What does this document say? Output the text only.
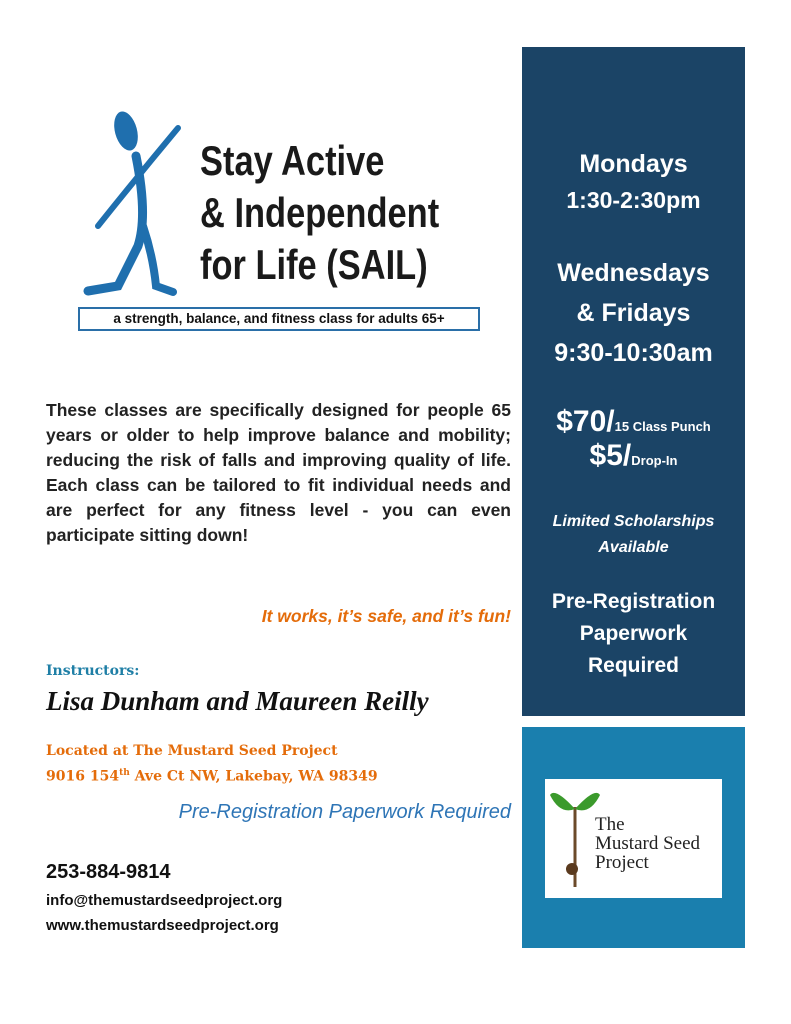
Stay Active
& Independent
for Life (SAIL)
a strength, balance, and fitness class for adults 65+
These classes are specifically designed for people 65 years or older to help improve balance and mobility; reducing the risk of falls and improving quality of life. Each class can be tailored to fit individual needs and are perfect for any fitness level - you can even participate sitting down!
It works, it’s safe, and it’s fun!
Instructors:
Lisa Dunham and Maureen Reilly
Located at The Mustard Seed Project
9016 154th Ave Ct NW, Lakebay, WA 98349
Pre-Registration Paperwork Required
253-884-9814
info@themustardseedproject.org
www.themustardseedproject.org
Mondays
1:30-2:30pm
Wednesdays
& Fridays
9:30-10:30am
$70/15 Class Punch
$5/Drop-In
Limited Scholarships
Available
Pre-Registration
Paperwork
Required
The
Mustard Seed
Project
